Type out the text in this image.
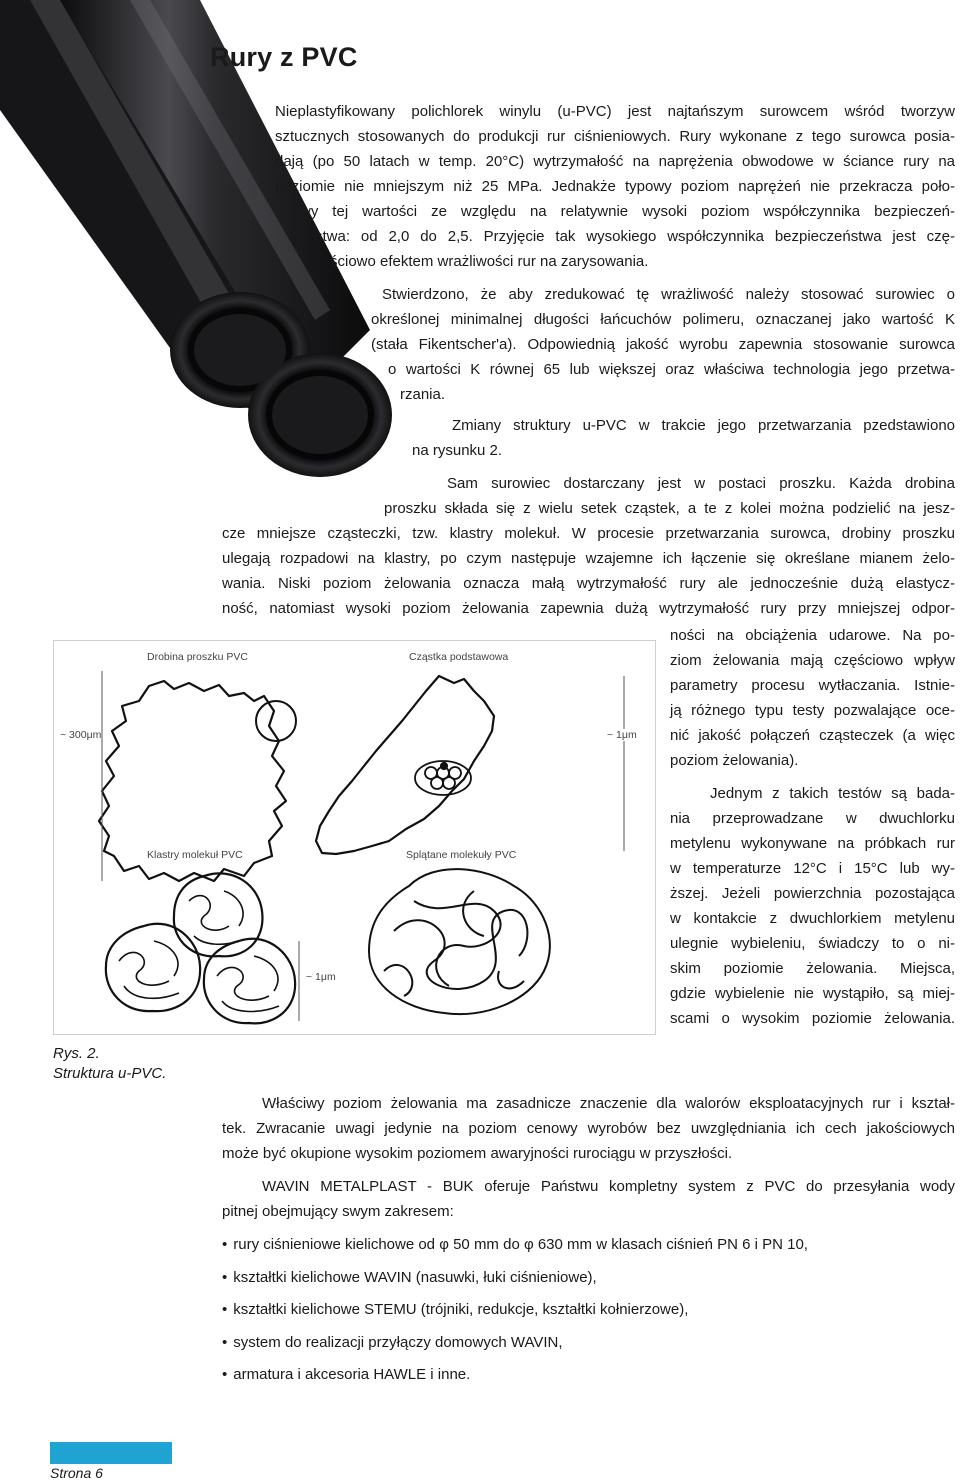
Rury z PVC
Nieplastyfikowany polichlorek winylu (u-PVC) jest najtańszym surowcem wśród tworzyw
sztucznych stosowanych do produkcji rur ciśnieniowych. Rury wykonane z tego surowca posia-
dają (po 50 latach w temp. 20°C) wytrzymałość na naprężenia obwodowe w ściance rury na
poziomie nie mniejszym niż 25 MPa. Jednakże typowy poziom naprężeń nie przekracza poło-
wy tej wartości ze względu na relatywnie wysoki poziom współczynnika bezpieczeń-
stwa: od 2,0 do 2,5. Przyjęcie tak wysokiego współczynnika bezpieczeństwa jest czę-
ściowo efektem wrażliwości rur na zarysowania.
Stwierdzono, że aby zredukować tę wrażliwość należy stosować surowiec o
określonej minimalnej długości łańcuchów polimeru, oznaczanej jako wartość K
(stała Fikentscher'a). Odpowiednią jakość wyrobu zapewnia stosowanie surowca
o wartości K równej 65 lub większej oraz właściwa technologia jego przetwa-
rzania.
Zmiany struktury u-PVC w trakcie jego przetwarzania pzedstawiono
na rysunku 2.
Sam surowiec dostarczany jest w postaci proszku. Każda drobina
proszku składa się z wielu setek cząstek, a te z kolei można podzielić na jesz-
cze mniejsze cząsteczki, tzw. klastry molekuł. W procesie przetwarzania surowca, drobiny proszku
ulegają rozpadowi na klastry, po czym następuje wzajemne ich łączenie się określane mianem żelo-
wania. Niski poziom żelowania oznacza małą wytrzymałość rury ale jednocześnie dużą elastycz-
ność, natomiast wysoki poziom żelowania zapewnia dużą wytrzymałość rury przy mniejszej odpor-
ności na obciążenia udarowe. Na po-
ziom żelowania mają częściowo wpływ
parametry procesu wytłaczania. Istnie-
ją różnego typu testy pozwalające oce-
nić jakość połączeń cząsteczek (a więc
poziom żelowania).
Jednym z takich testów są bada-
nia przeprowadzane w dwuchlorku
metylenu wykonywane na próbkach rur
w temperaturze 12°C i 15°C lub wy-
ższej. Jeżeli powierzchnia pozostająca
w kontakcie z dwuchlorkiem metylenu
ulegnie wybieleniu, świadczy to o ni-
skim poziomie żelowania. Miejsca,
gdzie wybielenie nie wystąpiło, są miej-
scami o wysokim poziomie żelowania.
Drobina proszku PVC	Cząstka podstawowa
Klastry molekuł PVC	Splątane molekuły PVC
~ 300μm	~ 1μm
~ 1μm
Rys. 2.
Struktura u-PVC.
Właściwy poziom żelowania ma zasadnicze znaczenie dla walorów eksploatacyjnych rur i kształ-
tek. Zwracanie uwagi jedynie na poziom cenowy wyrobów bez uwzględniania ich cech jakościowych
może być okupione wysokim poziomem awaryjności rurociągu w przyszłości.
WAVIN METALPLAST - BUK oferuje Państwu kompletny system z PVC do przesyłania wody
pitnej obejmujący swym zakresem:
• rury ciśnieniowe kielichowe od φ 50 mm do φ 630 mm w klasach ciśnień PN 6 i PN 10,
• kształtki kielichowe WAVIN (nasuwki, łuki ciśnieniowe),
• kształtki kielichowe STEMU (trójniki, redukcje, kształtki kołnierzowe),
• system do realizacji przyłączy domowych WAVIN,
• armatura i akcesoria HAWLE i inne.
Strona 6
